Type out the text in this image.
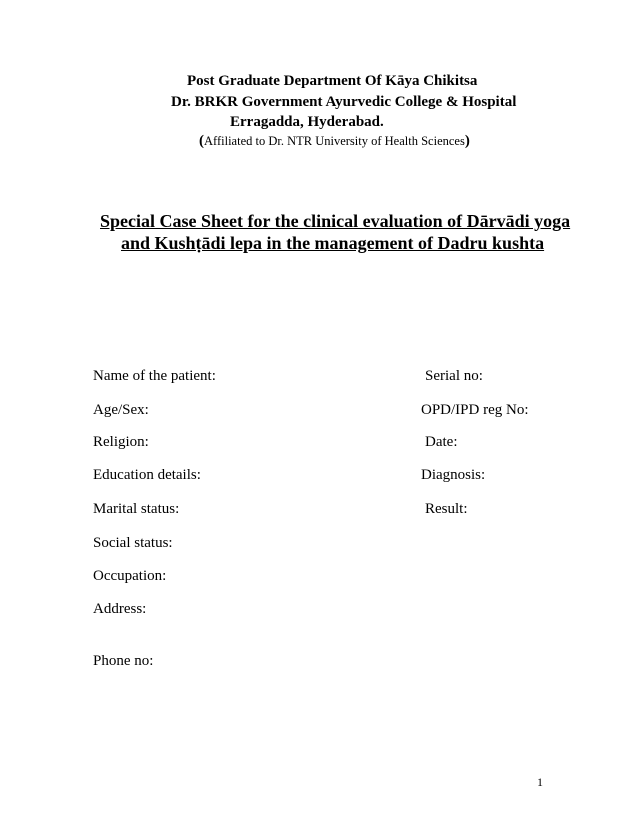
Post Graduate Department Of Kāya Chikitsa
Dr. BRKR Government Ayurvedic College & Hospital
Erragadda, Hyderabad.
(Affiliated to Dr. NTR University of Health Sciences)
Special Case Sheet for the clinical evaluation of Dārvādi yoga
and Kushṭādi lepa in the management of Dadru kushta
Name of the patient:
Age/Sex:
Religion:
Education details:
Marital status:
Social status:
Occupation:
Address:
Phone no:
Serial no:
OPD/IPD reg No:
Date:
Diagnosis:
Result:
1
